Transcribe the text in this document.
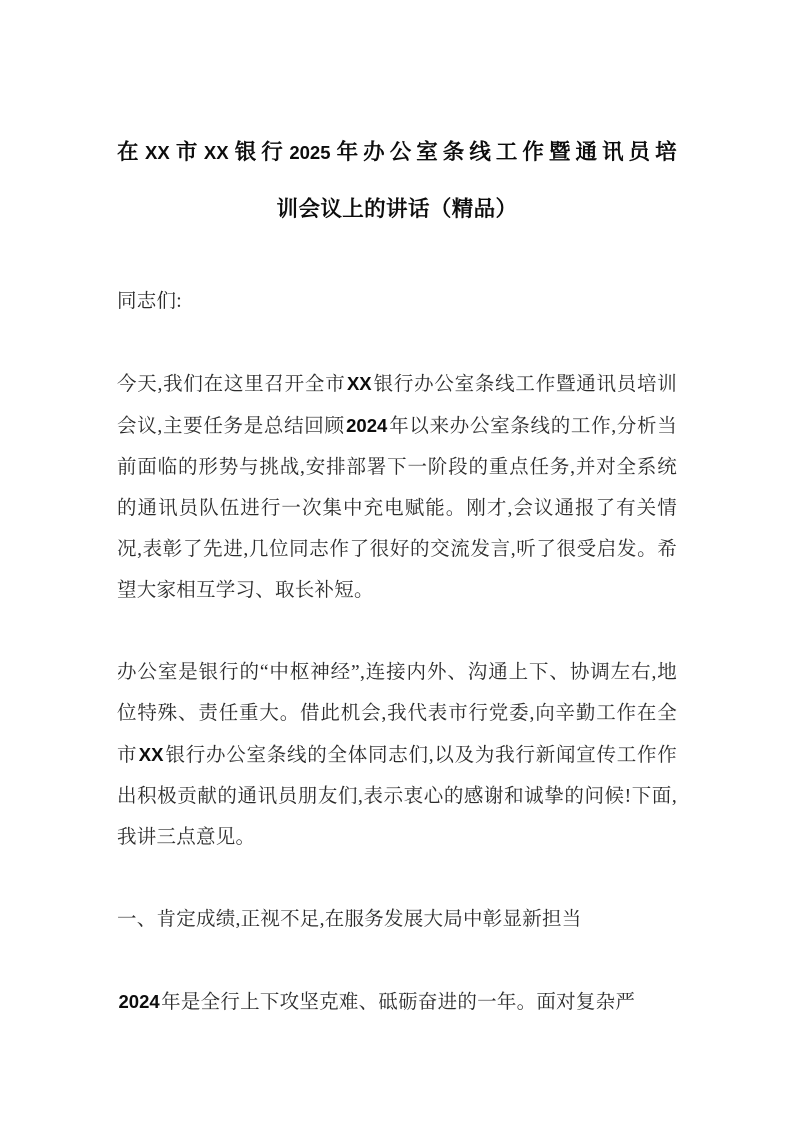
在XX市XX银行2025年办公室条线工作暨通讯员培
训会议上的讲话（精品）

同志们:

今天,我们在这里召开全市XX银行办公室条线工作暨通讯员培训会议,主要任务是总结回顾2024年以来办公室条线的工作,分析当前面临的形势与挑战,安排部署下一阶段的重点任务,并对全系统的通讯员队伍进行一次集中充电赋能。刚才,会议通报了有关情况,表彰了先进,几位同志作了很好的交流发言,听了很受启发。希望大家相互学习、取长补短。

办公室是银行的“中枢神经”,连接内外、沟通上下、协调左右,地位特殊、责任重大。借此机会,我代表市行党委,向辛勤工作在全市XX银行办公室条线的全体同志们,以及为我行新闻宣传工作作出积极贡献的通讯员朋友们,表示衷心的感谢和诚挚的问候!下面,我讲三点意见。

一、肯定成绩,正视不足,在服务发展大局中彰显新担当

2024年是全行上下攻坚克难、砥砺奋进的一年。面对复杂严
